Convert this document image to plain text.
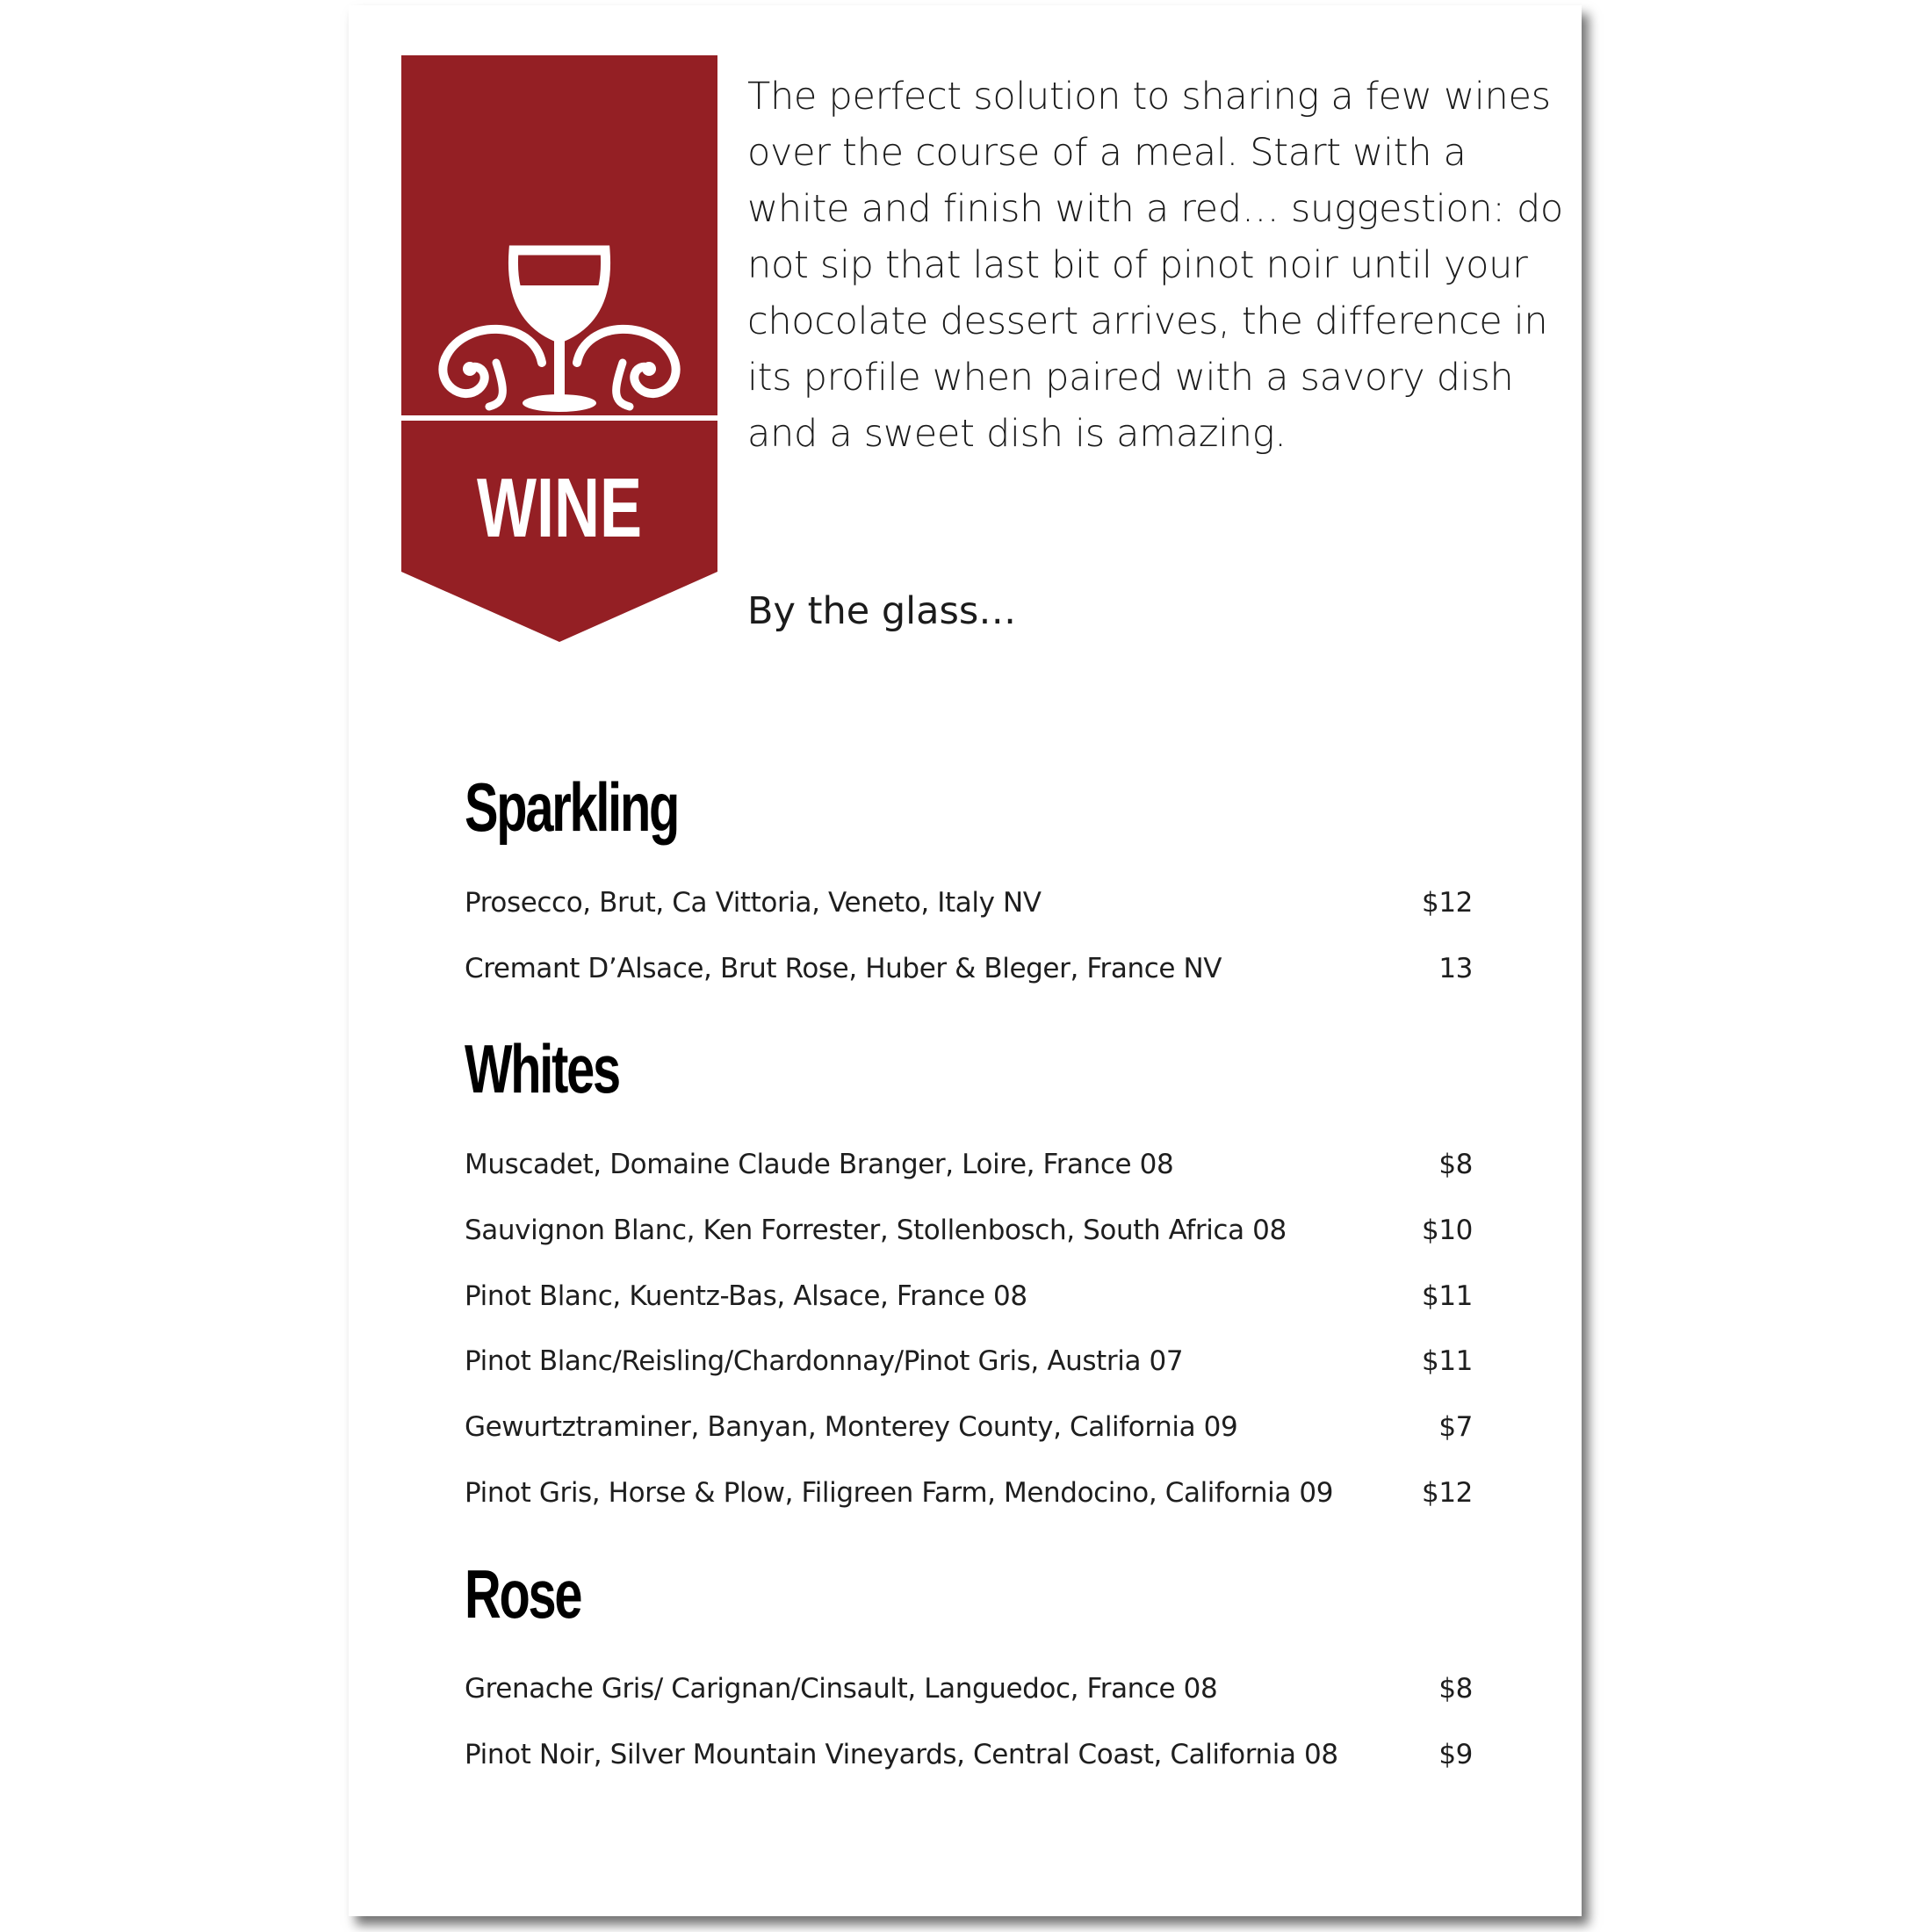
WINE

The perfect solution to sharing a few wines over the course of a meal. Start with a white and finish with a red… suggestion: do not sip that last bit of pinot noir until your chocolate dessert arrives, the difference in its profile when paired with a savory dish and a sweet dish is amazing.

By the glass…

Sparkling
Prosecco, Brut, Ca Vittoria, Veneto, Italy NV	$12
Cremant D’Alsace, Brut Rose, Huber & Bleger, France NV	13
Whites
Muscadet, Domaine Claude Branger, Loire, France 08	$8
Sauvignon Blanc, Ken Forrester, Stollenbosch, South Africa 08	$10
Pinot Blanc, Kuentz-Bas, Alsace, France 08	$11
Pinot Blanc/Reisling/Chardonnay/Pinot Gris, Austria 07	$11
Gewurtztraminer, Banyan, Monterey County, California 09	$7
Pinot Gris, Horse & Plow, Filigreen Farm, Mendocino, California 09	$12
Rose
Grenache Gris/ Carignan/Cinsault, Languedoc, France 08	$8
Pinot Noir, Silver Mountain Vineyards, Central Coast, California 08	$9
